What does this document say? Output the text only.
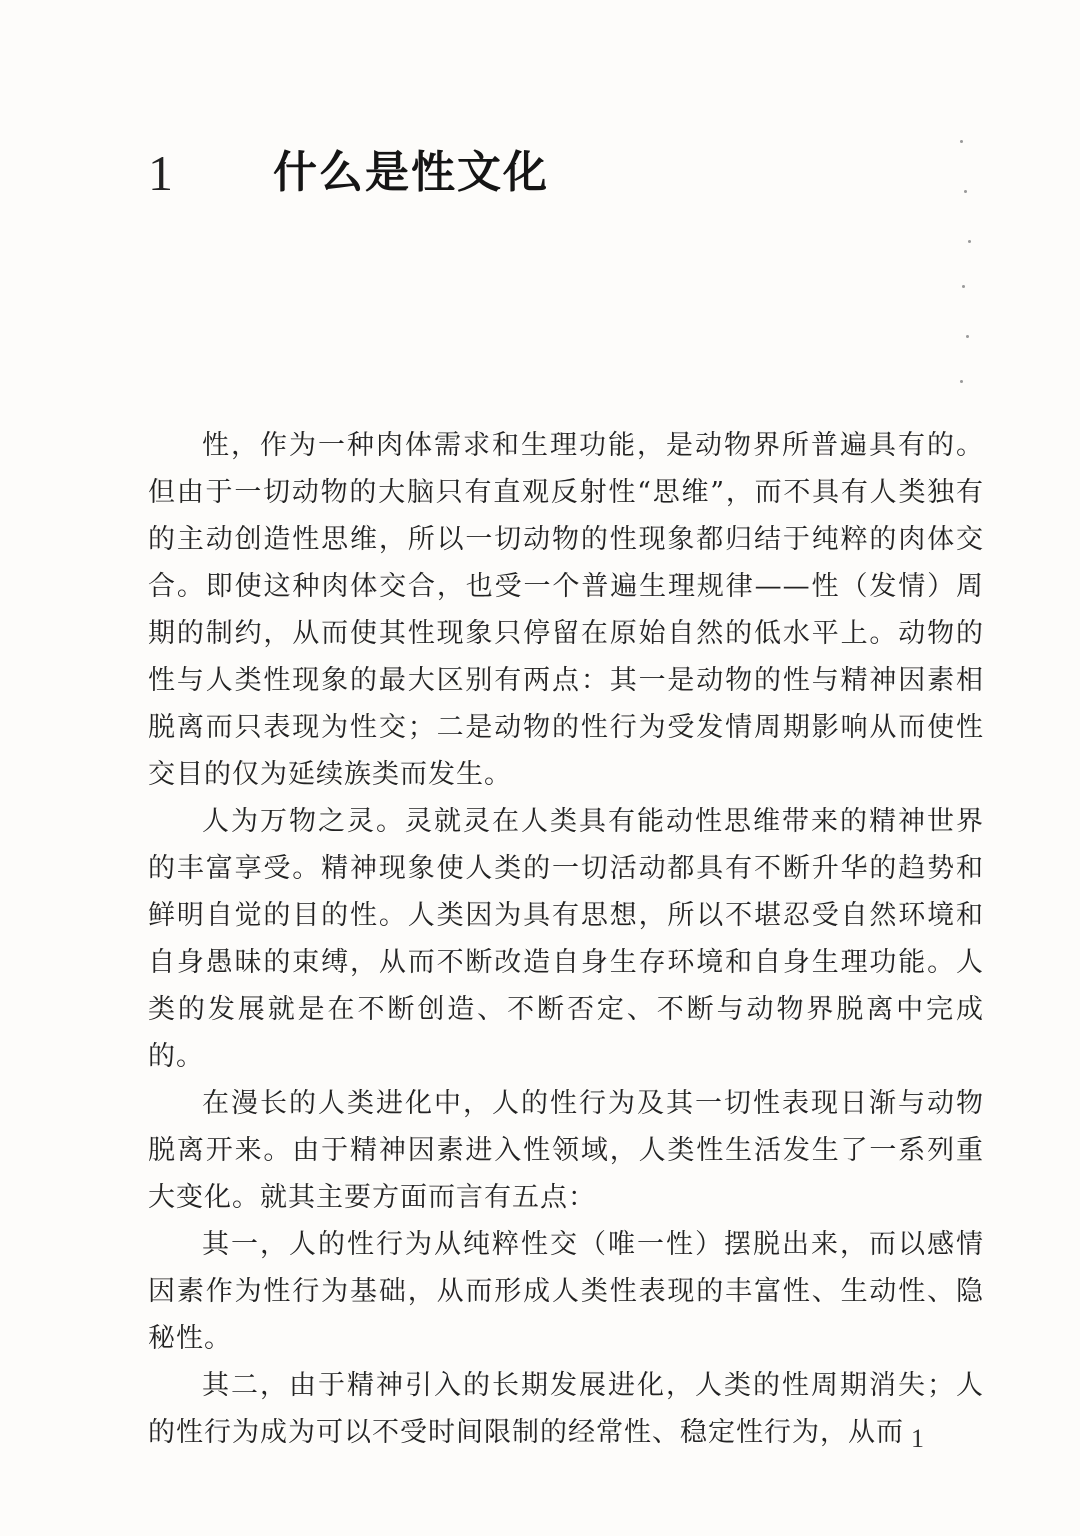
1	什么是性文化

性，作为一种肉体需求和生理功能，是动物界所普遍具有的。但由于一切动物的大脑只有直观反射性“思维”，而不具有人类独有的主动创造性思维，所以一切动物的性现象都归结于纯粹的肉体交合。即使这种肉体交合，也受一个普遍生理规律——性（发情）周期的制约，从而使其性现象只停留在原始自然的低水平上。动物的性与人类性现象的最大区别有两点：其一是动物的性与精神因素相脱离而只表现为性交；二是动物的性行为受发情周期影响从而使性交目的仅为延续族类而发生。

人为万物之灵。灵就灵在人类具有能动性思维带来的精神世界的丰富享受。精神现象使人类的一切活动都具有不断升华的趋势和鲜明自觉的目的性。人类因为具有思想，所以不堪忍受自然环境和自身愚昧的束缚，从而不断改造自身生存环境和自身生理功能。人类的发展就是在不断创造、不断否定、不断与动物界脱离中完成的。

在漫长的人类进化中，人的性行为及其一切性表现日渐与动物脱离开来。由于精神因素进入性领域，人类性生活发生了一系列重大变化。就其主要方面而言有五点：

其一，人的性行为从纯粹性交（唯一性）摆脱出来，而以感情因素作为性行为基础，从而形成人类性表现的丰富性、生动性、隐秘性。

其二，由于精神引入的长期发展进化，人类的性周期消失；人的性行为成为可以不受时间限制的经常性、稳定性行为，从而 1
